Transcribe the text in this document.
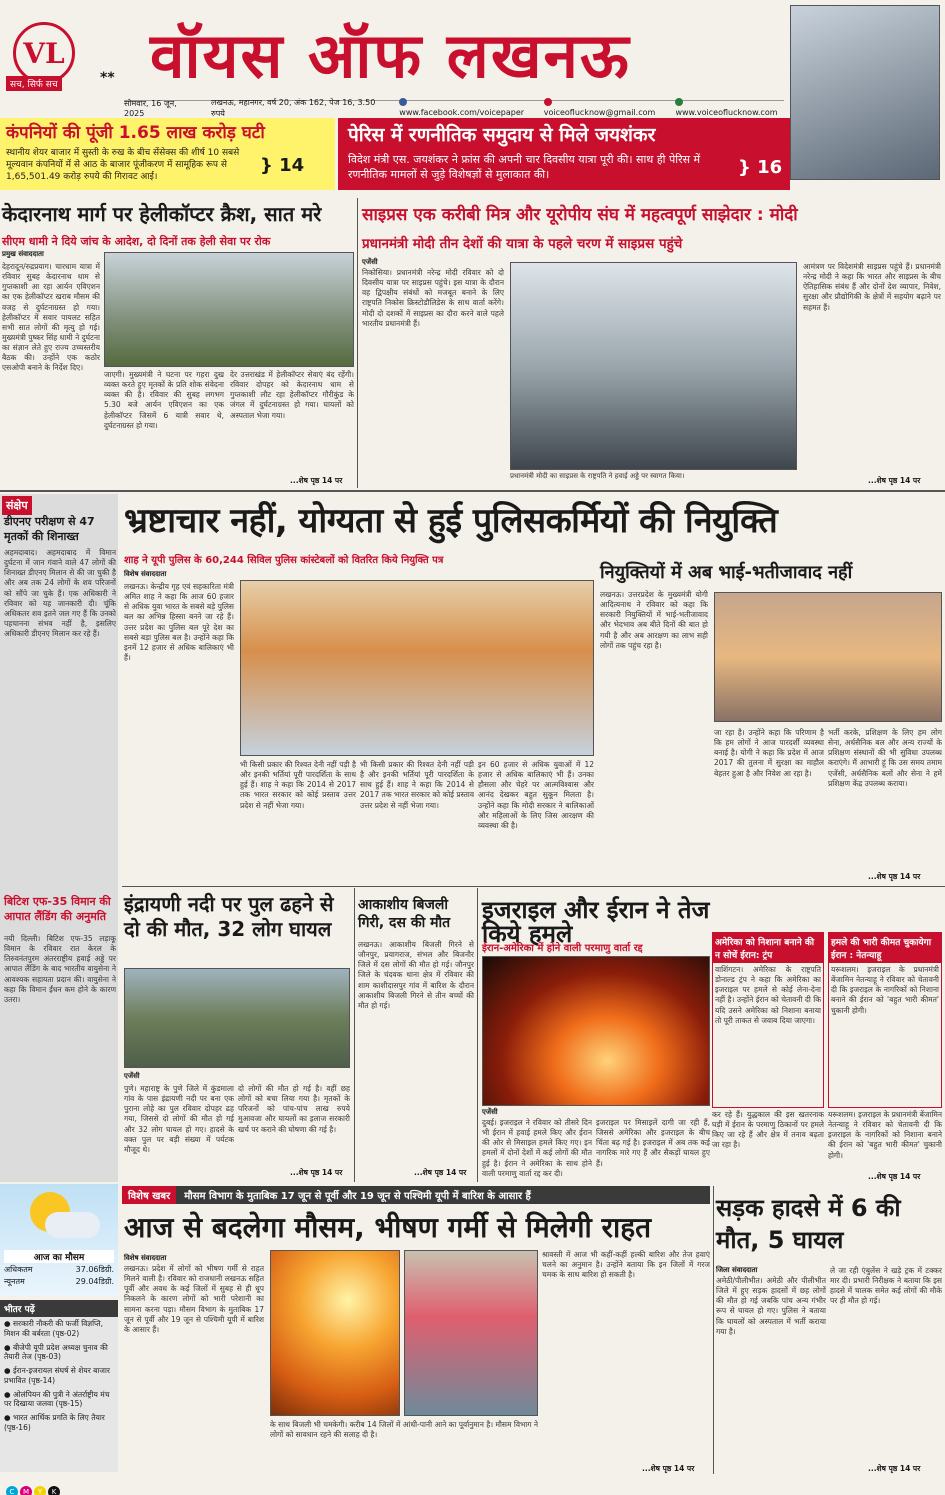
VL
सच, सिर्फ सच	** वॉयस ऑफ लखनऊ
सोमवार, 16 जून, 2025
लखनऊ, महानगर, वर्ष 20, अंक 162, पेज 16, 3.50 रुपये	www.facebook.com/voicepaper	voiceoflucknow@gmail.com	www.voiceoflucknow.com
कंपनियों की पूंजी 1.65 लाख करोड़ घटी
स्थानीय शेयर बाजार में सुस्ती के रुख के बीच सेंसेक्स की शीर्ष 10 सबसे मूल्यवान कंपनियों में से आठ के बाजार पूंजीकरण में सामूहिक रूप से 1,65,501.49 करोड़ रुपये की गिरावट आई।
} 14
पेरिस में रणनीतिक समुदाय से मिले जयशंकर
विदेश मंत्री एस. जयशंकर ने फ्रांस की अपनी चार दिवसीय यात्रा पूरी की। साथ ही पेरिस में रणनीतिक मामलों से जुड़े विशेषज्ञों से मुलाकात की।	} 16
केदारनाथ मार्ग पर हेलीकॉप्टर क्रैश, सात मरे
सीएम धामी ने दिये जांच के आदेश, दो दिनों तक हेली सेवा पर रोक
प्रमुख संवाददाता
देहरादून/रुद्रप्रयाग। चारधाम यात्रा में रविवार सुबह केदारनाथ धाम से गुप्तकाशी आ रहा आर्यन एविएशन का एक हेलीकॉप्टर खराब मौसम की वजह से दुर्घटनाग्रस्त हो गया। हेलीकॉप्टर में सवार पायलट सहित सभी सात लोगों की मृत्यु हो गई। मुख्यमंत्री पुष्कर सिंह धामी ने दुर्घटना का संज्ञान लेते हुए राज्य उच्चस्तरीय बैठक की। उन्होंने एक कठोर एसओपी बनाने के निर्देश दिए।
जाएगी। मुख्यमंत्री ने घटना पर गहरा दुख व्यक्त करते हुए मृतकों के प्रति शोक संवेदना व्यक्त की है। रविवार की सुबह लगभग 5.30 बजे आर्यन एविएशन का एक हेलीकॉप्टर जिसमें 6 यात्री सवार थे, दुर्घटनाग्रस्त हो गया।
देर उत्तराखंड में हेलीकॉप्टर सेवाएं बंद रहेंगी। रविवार दोपहर को केदारनाथ धाम से गुप्तकाशी लौट रहा हेलीकॉप्टर गौरीकुंड के जंगल में दुर्घटनाग्रस्त हो गया। घायलों को अस्पताल भेजा गया।
...शेष पृष्ठ 14 पर
साइप्रस एक करीबी मित्र और यूरोपीय संघ में महत्वपूर्ण साझेदार : मोदी
प्रधानमंत्री मोदी तीन देशों की यात्रा के पहले चरण में साइप्रस पहुंचे
एजेंसी
निकोसिया। प्रधानमंत्री नरेन्द्र मोदी रविवार को दो दिवसीय यात्रा पर साइप्रस पहुंचे। इस यात्रा के दौरान वह द्विपक्षीय संबंधों को मजबूत बनाने के लिए राष्ट्रपति निकोस क्रिस्टोडौलिडेस के साथ वार्ता करेंगे। मोदी दो दशकों में साइप्रस का दौरा करने वाले पहले भारतीय प्रधानमंत्री हैं।
प्रधानमंत्री मोदी का साइप्रस के राष्ट्रपति ने हवाई अड्डे पर स्वागत किया।
आमंत्रण पर विदेशमंत्री साइप्रस पहुंचे हैं। प्रधानमंत्री नरेन्द्र मोदी ने कहा कि भारत और साइप्रस के बीच ऐतिहासिक संबंध हैं और दोनों देश व्यापार, निवेश, सुरक्षा और प्रौद्योगिकी के क्षेत्रों में सहयोग बढ़ाने पर सहमत हैं।
...शेष पृष्ठ 14 पर
संक्षेप
डीएनए परीक्षण से 47 मृतकों की शिनाख्त
अहमदाबाद। अहमदाबाद में विमान दुर्घटना में जान गंवाने वाले 47 लोगों की शिनाख्त डीएनए मिलान से की जा चुकी है और अब तक 24 लोगों के शव परिजनों को सौंपे जा चुके हैं। एक अधिकारी ने रविवार को यह जानकारी दी। चूंकि अधिकतर शव इतने जल गए हैं कि उनको पहचानना संभव नहीं है, इसलिए अधिकारी डीएनए मिलान कर रहे हैं।
बिटिश एफ-35 विमान की आपात लैंडिंग की अनुमति
नयी दिल्ली। बिटिश एफ-35 लड़ाकू विमान के रविवार रात केरल के तिरुवनंतपुरम अंतरराष्ट्रीय हवाई अड्डे पर आपात लैंडिंग के बाद भारतीय वायुसेना ने आवश्यक सहायता प्रदान की। वायुसेना ने कहा कि विमान ईंधन कम होने के कारण उतरा।
भ्रष्टाचार नहीं, योग्यता से हुई पुलिसकर्मियों की नियुक्ति
शाह ने यूपी पुलिस के 60,244 सिविल पुलिस कांस्टेबलों को वितरित किये नियुक्ति पत्र
विशेष संवाददाता
लखनऊ। केन्द्रीय गृह एवं सहकारिता मंत्री अमित शाह ने कहा कि आज 60 हजार से अधिक युवा भारत के सबसे बड़े पुलिस बल का अभिन्न हिस्सा बनने जा रहे हैं। उत्तर प्रदेश का पुलिस बल पूरे देश का सबसे बड़ा पुलिस बल है। उन्होंने कहा कि इनमें 12 हजार से अधिक बालिकाएं भी हैं।
भी किसी प्रकार की रिश्वत देनी नहीं पड़ी है और इनकी भर्तियां पूरी पारदर्शिता के साथ हुई हैं। शाह ने कहा कि 2014 से 2017 तक भारत सरकार को कोई प्रस्ताव उत्तर प्रदेश से नहीं भेजा गया।
भी किसी प्रकार की रिश्वत देनी नहीं पड़ी है और इनकी भर्तियां पूरी पारदर्शिता के साथ हुई हैं। शाह ने कहा कि 2014 से 2017 तक भारत सरकार को कोई प्रस्ताव उत्तर प्रदेश से नहीं भेजा गया।
इन 60 हजार से अधिक युवाओं में 12 हजार से अधिक बालिकाएं भी हैं। उनका हौसला और चेहरे पर आत्मविश्वास और आनंद देखकर बहुत सुकून मिलता है। उन्होंने कहा कि मोदी सरकार ने बालिकाओं और महिलाओं के लिए जिस आरक्षण की व्यवस्था की है।
नियुक्तियों में अब भाई-भतीजावाद नहीं
लखनऊ। उत्तरप्रदेश के मुख्यमंत्री योगी आदित्यनाथ ने रविवार को कहा कि सरकारी नियुक्तियों में भाई-भतीजावाद और भेदभाव अब बीते दिनों की बात हो गयी है और अब आरक्षण का लाभ सही लोगों तक पहुंच रहा है।
जा रहा है। उन्होंने कहा कि परिणाम है कि हम लोगों ने आज पारदर्शी व्यवस्था बनाई है। योगी ने कहा कि प्रदेश में आज 2017 की तुलना में सुरक्षा का माहौल बेहतर हुआ है और निवेश आ रहा है।
भर्ती करके, प्रशिक्षण के लिए हम लोग सेना, अर्धसैनिक बल और अन्य राज्यों के प्रशिक्षण संस्थानों की भी सुविधा उपलब्ध कराएंगे। मैं आभारी हूं कि उस समय तमाम एजेंसी, अर्धसैनिक बलों और सेना ने हमें प्रशिक्षण केंद्र उपलब्ध कराया।
...शेष पृष्ठ 14 पर
इंद्रायणी नदी पर पुल ढहने से दो की मौत, 32 लोग घायल
एजेंसी
पुणे। महाराष्ट्र के पुणे जिले में कुंडमाला गांव के पास इंद्रायणी नदी पर बना एक पुराना लोहे का पुल रविवार दोपहर ढह गया, जिससे दो लोगों की मौत हो गई और 32 लोग घायल हो गए। हादसे के वक्त पुल पर बड़ी संख्या में पर्यटक मौजूद थे।
दो लोगों की मौत हो गई है। वहीं छह लोगों को बचा लिया गया है। मृतकों के परिजनों को पांच-पांच लाख रुपये मुआवजा और घायलों का इलाज सरकारी खर्च पर कराने की घोषणा की गई है।
...शेष पृष्ठ 14 पर
आकाशीय बिजली गिरी, दस की मौत
लखनऊ। आकाशीय बिजली गिरने से जौनपुर, प्रयागराज, संभल और बिजनौर जिले में दस लोगों की मौत हो गई। जौनपुर जिले के चंदवक थाना क्षेत्र में रविवार की शाम काशीदासपुर गांव में बारिश के दौरान आकाशीय बिजली गिरने से तीन बच्चों की मौत हो गई।
...शेष पृष्ठ 14 पर
इजराइल और ईरान ने तेज किये हमले
ईरान-अमेरिका में होने वाली परमाणु वार्ता रद्द
एजेंसी
दुबई। इजराइल ने रविवार को तीसरे दिन भी ईरान में हवाई हमले किए और ईरान की ओर से मिसाइल हमले किए गए। इन हमलों में दोनों देशों में कई लोगों की मौत हुई है। ईरान ने अमेरिका के साथ होने वाली परमाणु वार्ता रद्द कर दी।
इजराइल पर मिसाइलें दागी जा रही हैं, जिससे अमेरिका और इजराइल के बीच चिंता बढ़ गई है। इजराइल में अब तक कई नागरिक मारे गए हैं और सैकड़ों घायल हुए हैं।
अमेरिका को निशाना बनाने की न सोचें ईरान: ट्रंप
वाशिंगटन। अमेरिका के राष्ट्रपति डोनाल्ड ट्रंप ने कहा कि अमेरिका का इजराइल पर हमले से कोई लेना-देना नहीं है। उन्होंने ईरान को चेतावनी दी कि यदि उसने अमेरिका को निशाना बनाया तो पूरी ताकत से जवाब दिया जाएगा।
हमले की भारी कीमत चुकायेगा ईरान : नेतन्याहू
यरूशलम। इजराइल के प्रधानमंत्री बेंजामिन नेतन्याहू ने रविवार को चेतावनी दी कि इजराइल के नागरिकों को निशाना बनाने की ईरान को 'बहुत भारी कीमत' चुकानी होगी।
कर रहे हैं। युद्धकाल की इस खतरनाक घड़ी में ईरान के परमाणु ठिकानों पर हमले किए जा रहे हैं और क्षेत्र में तनाव बढ़ता जा रहा है।
यरूशलम। इजराइल के प्रधानमंत्री बेंजामिन नेतन्याहू ने रविवार को चेतावनी दी कि इजराइल के नागरिकों को निशाना बनाने की ईरान को 'बहुत भारी कीमत' चुकानी होगी।
...शेष पृष्ठ 14 पर
विशेष खबर	मौसम विभाग के मुताबिक 17 जून से पूर्वी और 19 जून से पश्चिमी यूपी में बारिश के आसार हैं
आज से बदलेगा मौसम, भीषण गर्मी से मिलेगी राहत
विशेष संवाददाता
लखनऊ। प्रदेश में लोगों को भीषण गर्मी से राहत मिलने वाली है। रविवार को राजधानी लखनऊ सहित पूर्वी और अवध के कई जिलों में सुबह से ही धूप निकलने के कारण लोगों को भारी परेशानी का सामना करना पड़ा। मौसम विभाग के मुताबिक 17 जून से पूर्वी और 19 जून से पश्चिमी यूपी में बारिश के आसार हैं।
के साथ बिजली भी चमकेगी। करीब 14 जिलों में आंधी-पानी आने का पूर्वानुमान है। मौसम विभाग ने लोगों को सावधान रहने की सलाह दी है।
श्रावस्ती में आज भी कहीं-कहीं हल्की बारिश और तेज हवाएं चलने का अनुमान है। उन्होंने बताया कि इन जिलों में गरज चमक के साथ बारिश हो सकती है।
...शेष पृष्ठ 14 पर
सड़क हादसे में 6 की मौत, 5 घायल
जिला संवाददाता
अमेठी/पीलीभीत। अमेठी और पीलीभीत जिले में हुए सड़क हादसों में छह लोगों की मौत हो गई जबकि पांच अन्य गंभीर रूप से घायल हो गए। पुलिस ने बताया कि घायलों को अस्पताल में भर्ती कराया गया है।
ले जा रही एंबुलेंस ने खड़े ट्रक में टक्कर मार दी। प्रभारी निरीक्षक ने बताया कि इस हादसे में चालक समेत कई लोगों की मौके पर ही मौत हो गई।
...शेष पृष्ठ 14 पर
आज का मौसम
अधिकतम	37.06डिग्री.
न्यूनतम	29.04डिग्री.
भीतर पढ़ें
● सरकारी नौकरी की फर्जी विज्ञप्ति, मिशन की बर्बरता (पृष्ठ-02)
● बीजेपी यूपी प्रदेश अध्यक्ष चुनाव की तैयारी तेज (पृष्ठ-03)
● ईरान-इजरायल संघर्ष से शेयर बाजार प्रभावित (पृष्ठ-14)
● ओलंपियन की पुत्री ने अंतर्राष्ट्रीय मंच पर दिखाया जलवा (पृष्ठ-15)
● भारत आर्थिक प्रगति के लिए तैयार (पृष्ठ-16)
C M Y K
